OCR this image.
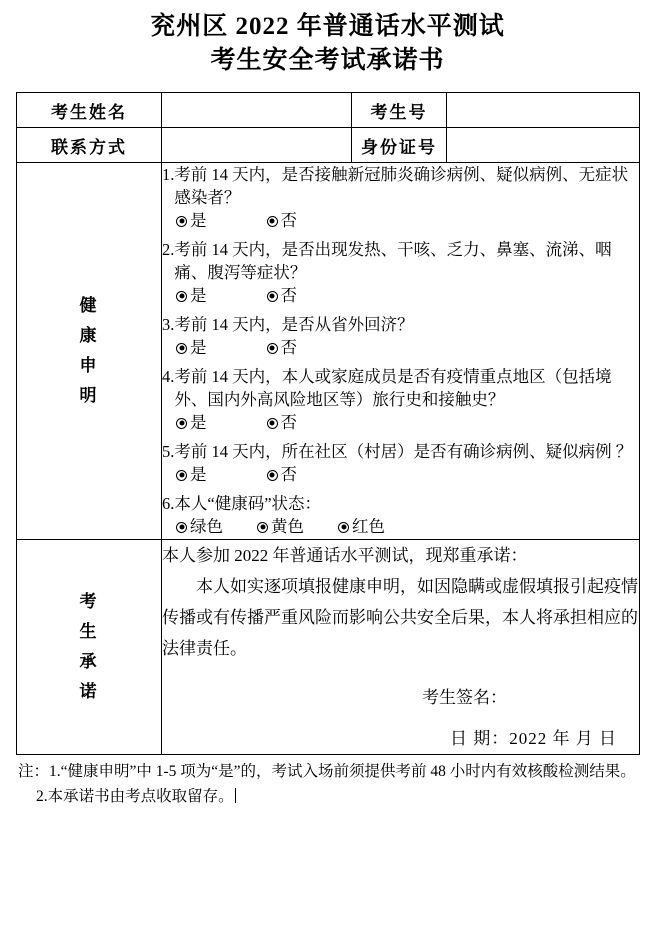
兖州区 2022 年普通话水平测试
考生安全考试承诺书
考生姓名		考生号	
联系方式		身份证号	

健
康
申
明

1. 考前 14 天内，是否接触新冠肺炎确诊病例、疑似病例、无症状感染者？
是	否
2. 考前 14 天内，是否出现发热、干咳、乏力、鼻塞、流涕、咽痛、腹泻等症状？
是	否
3. 考前 14 天内，是否从省外回济？
是	否
4. 考前 14 天内，本人或家庭成员是否有疫情重点地区（包括境外、国内外高风险地区等）旅行史和接触史？
是	否
5. 考前 14 天内，所在社区（村居）是否有确诊病例、疑似病例 ？
是	否
6. 本人“健康码”状态：
绿色	黄色	红色

考
生
承
诺

本人参加 2022 年普通话水平测试，现郑重承诺：

本人如实逐项填报健康申明，如因隐瞒或虚假填报引起疫情传播或有传播严重风险而影响公共安全后果，本人将承担相应的法律责任。

考生签名：
日 期：2022 年 月 日
注：1.“健康申明”中 1-5 项为“是”的，考试入场前须提供考前 48 小时内有效核酸检测结果。
2.本承诺书由考点收取留存。
